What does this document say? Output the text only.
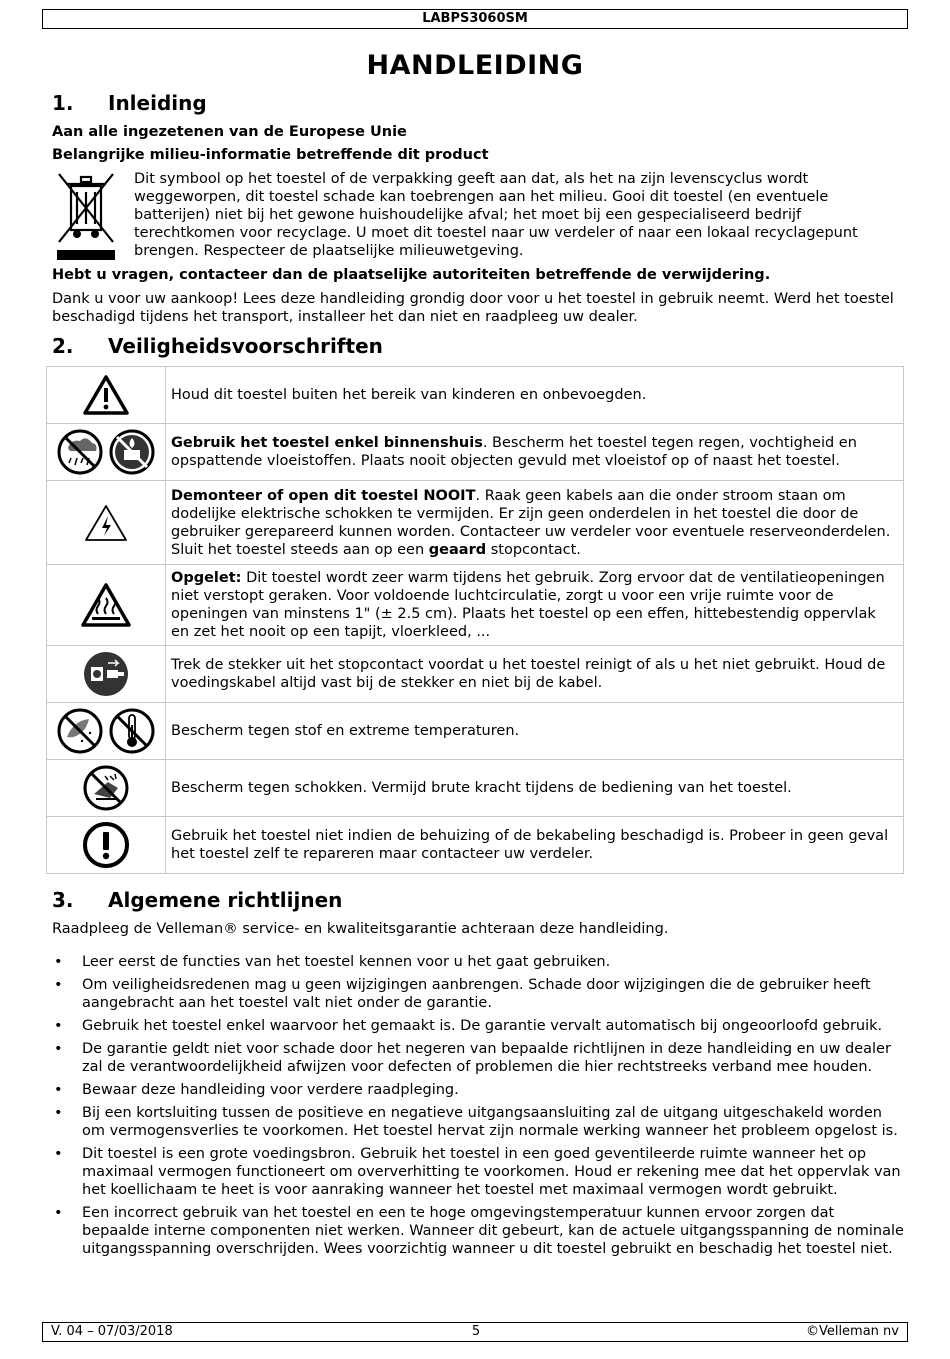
LABPS3060SM
HANDLEIDING
1. Inleiding
Aan alle ingezetenen van de Europese Unie
Belangrijke milieu-informatie betreffende dit product
Dit symbool op het toestel of de verpakking geeft aan dat, als het na zijn levenscyclus wordt weggeworpen, dit toestel schade kan toebrengen aan het milieu. Gooi dit toestel (en eventuele batterijen) niet bij het gewone huishoudelijke afval; het moet bij een gespecialiseerd bedrijf terechtkomen voor recyclage. U moet dit toestel naar uw verdeler of naar een lokaal recyclagepunt brengen. Respecteer de plaatselijke milieuwetgeving.
Hebt u vragen, contacteer dan de plaatselijke autoriteiten betreffende de verwijdering.
Dank u voor uw aankoop! Lees deze handleiding grondig door voor u het toestel in gebruik neemt. Werd het toestel beschadigd tijdens het transport, installeer het dan niet en raadpleeg uw dealer.
2. Veiligheidsvoorschriften
	Houd dit toestel buiten het bereik van kinderen en onbevoegden.
	Gebruik het toestel enkel binnenshuis. Bescherm het toestel tegen regen, vochtigheid en opspattende vloeistoffen. Plaats nooit objecten gevuld met vloeistof op of naast het toestel.
	Demonteer of open dit toestel NOOIT. Raak geen kabels aan die onder stroom staan om dodelijke elektrische schokken te vermijden. Er zijn geen onderdelen in het toestel die door de gebruiker gerepareerd kunnen worden. Contacteer uw verdeler voor eventuele reserveonderdelen. Sluit het toestel steeds aan op een geaard stopcontact.
	Opgelet: Dit toestel wordt zeer warm tijdens het gebruik. Zorg ervoor dat de ventilatieopeningen niet verstopt geraken. Voor voldoende luchtcirculatie, zorgt u voor een vrije ruimte voor de openingen van minstens 1" (± 2.5 cm). Plaats het toestel op een effen, hittebestendig oppervlak en zet het nooit op een tapijt, vloerkleed, ...
	Trek de stekker uit het stopcontact voordat u het toestel reinigt of als u het niet gebruikt. Houd de voedingskabel altijd vast bij de stekker en niet bij de kabel.
	Bescherm tegen stof en extreme temperaturen.
	Bescherm tegen schokken. Vermijd brute kracht tijdens de bediening van het toestel.
	Gebruik het toestel niet indien de behuizing of de bekabeling beschadigd is. Probeer in geen geval het toestel zelf te repareren maar contacteer uw verdeler.
3. Algemene richtlijnen
Raadpleeg de Velleman® service- en kwaliteitsgarantie achteraan deze handleiding.
• Leer eerst de functies van het toestel kennen voor u het gaat gebruiken.
• Om veiligheidsredenen mag u geen wijzigingen aanbrengen. Schade door wijzigingen die de gebruiker heeft aangebracht aan het toestel valt niet onder de garantie.
• Gebruik het toestel enkel waarvoor het gemaakt is. De garantie vervalt automatisch bij ongeoorloofd gebruik.
• De garantie geldt niet voor schade door het negeren van bepaalde richtlijnen in deze handleiding en uw dealer zal de verantwoordelijkheid afwijzen voor defecten of problemen die hier rechtstreeks verband mee houden.
• Bewaar deze handleiding voor verdere raadpleging.
• Bij een kortsluiting tussen de positieve en negatieve uitgangsaansluiting zal de uitgang uitgeschakeld worden om vermogensverlies te voorkomen. Het toestel hervat zijn normale werking wanneer het probleem opgelost is.
• Dit toestel is een grote voedingsbron. Gebruik het toestel in een goed geventileerde ruimte wanneer het op maximaal vermogen functioneert om oververhitting te voorkomen. Houd er rekening mee dat het oppervlak van het koellichaam te heet is voor aanraking wanneer het toestel met maximaal vermogen wordt gebruikt.
• Een incorrect gebruik van het toestel en een te hoge omgevingstemperatuur kunnen ervoor zorgen dat bepaalde interne componenten niet werken. Wanneer dit gebeurt, kan de actuele uitgangsspanning de nominale uitgangsspanning overschrijden. Wees voorzichtig wanneer u dit toestel gebruikt en beschadig het toestel niet.
5
V. 04 – 07/03/2018	©Velleman nv
